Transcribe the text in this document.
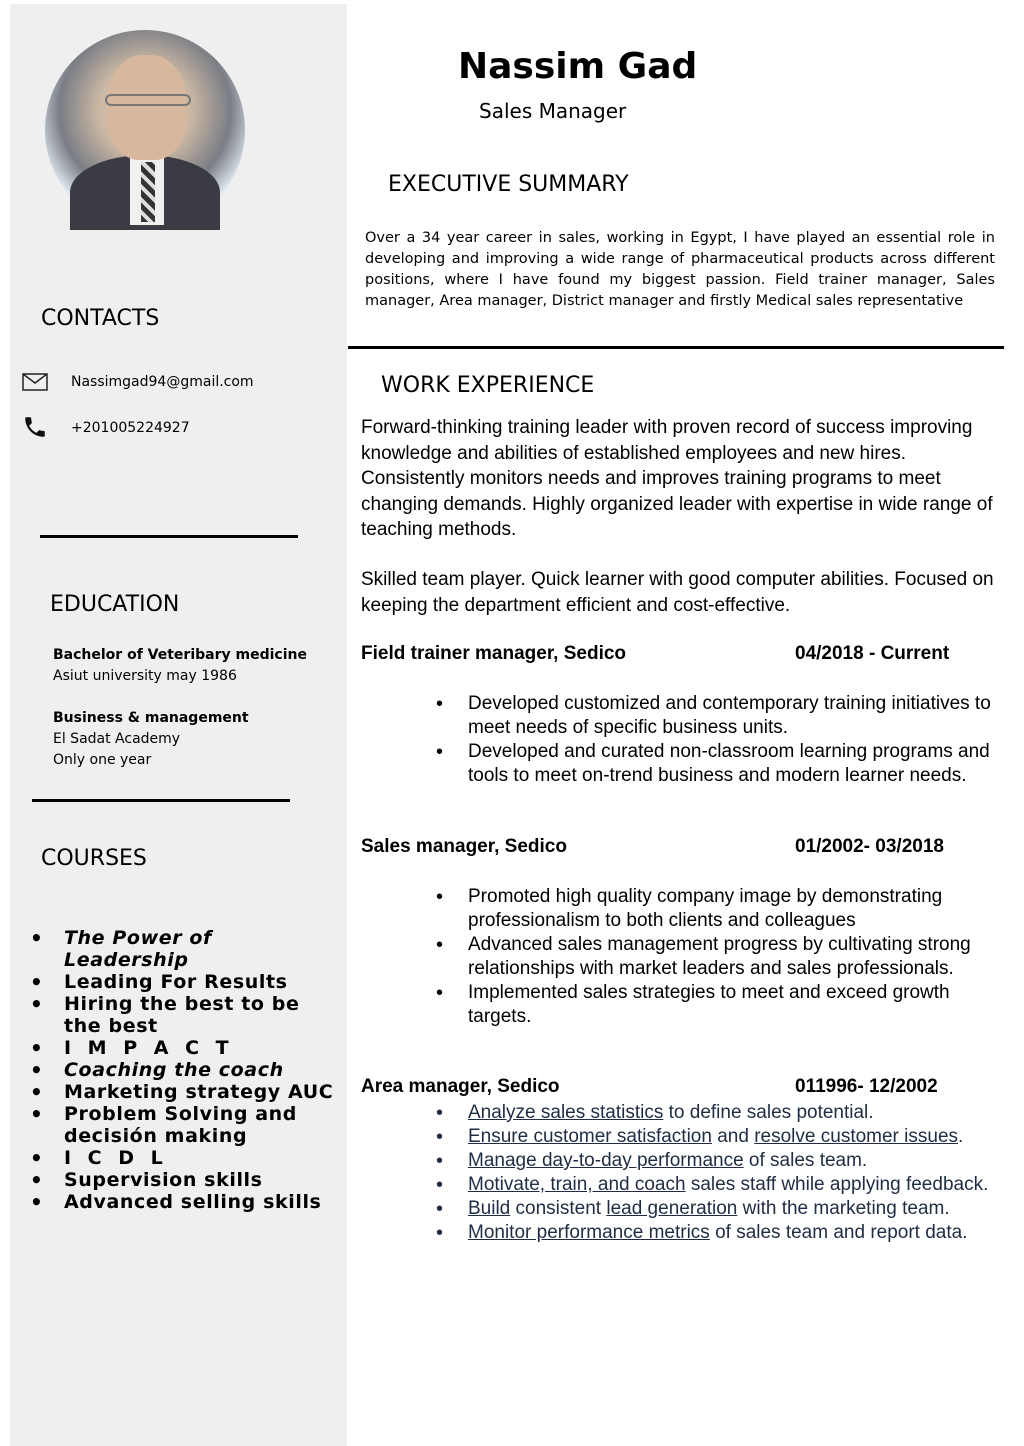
CONTACTS
Nassimgad94@gmail.com
+201005224927
EDUCATION
Bachelor of Veteribary medicine
Asiut university may 1986
Business & management
El Sadat Academy
Only one year
COURSES
• The Power of Leadership
• Leading For Results
• Hiring the best to be the best
• I M P A C T
• Coaching the coach
• Marketing strategy AUC
• Problem Solving and decisión making
• I C D L
• Supervision skills
• Advanced selling skills
Nassim Gad
Sales Manager
EXECUTIVE SUMMARY

Over a 34 year career in sales, working in Egypt, I have played an essential role in developing and improving a wide range of pharmaceutical products across different positions, where I have found my biggest passion. Field trainer manager, Sales manager, Area manager, District manager and firstly Medical sales representative

WORK EXPERIENCE

Forward-thinking training leader with proven record of success improving knowledge and abilities of established employees and new hires. Consistently monitors needs and improves training programs to meet changing demands. Highly organized leader with expertise in wide range of teaching methods.

Skilled team player. Quick learner with good computer abilities. Focused on keeping the department efficient and cost-effective.

Field trainer manager, Sedico	04/2018 - Current
• Developed customized and contemporary training initiatives to meet needs of specific business units.
• Developed and curated non-classroom learning programs and tools to meet on-trend business and modern learner needs.
Sales manager, Sedico	01/2002- 03/2018
• Promoted high quality company image by demonstrating professionalism to both clients and colleagues
• Advanced sales management progress by cultivating strong relationships with market leaders and sales professionals.
• Implemented sales strategies to meet and exceed growth targets.
Area manager, Sedico	011996- 12/2002
• Analyze sales statistics to define sales potential.
• Ensure customer satisfaction and resolve customer issues.
• Manage day-to-day performance of sales team.
• Motivate, train, and coach sales staff while applying feedback.
• Build consistent lead generation with the marketing team.
• Monitor performance metrics of sales team and report data.
